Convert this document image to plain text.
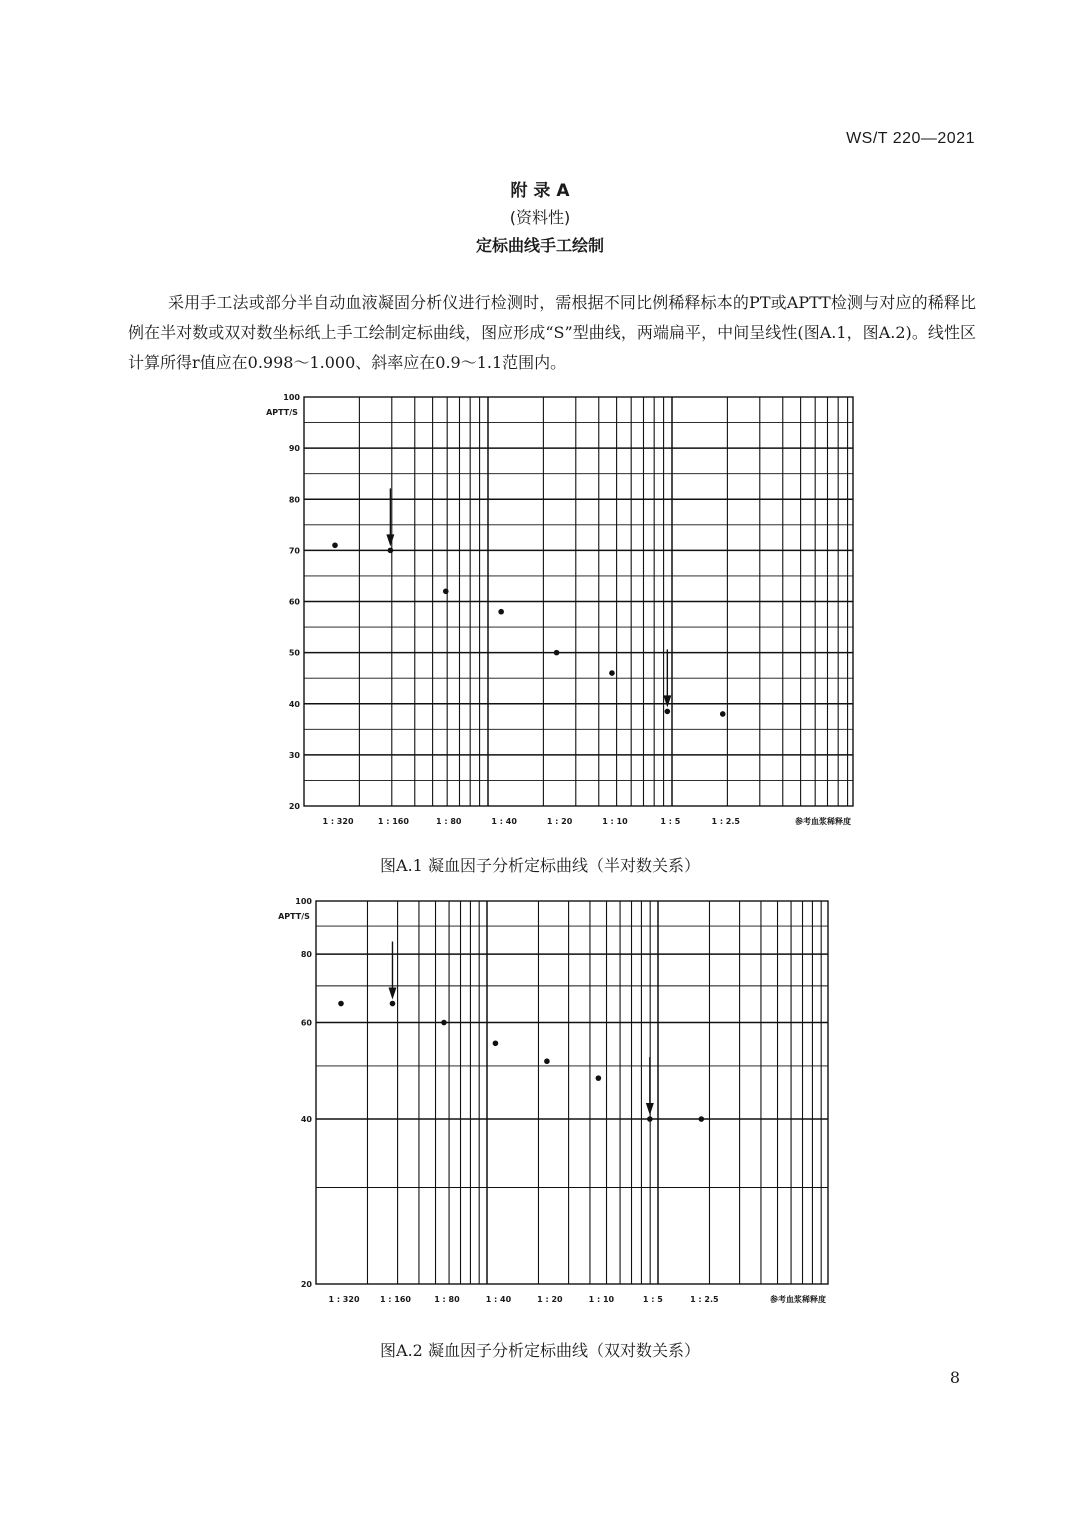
WS/T 220—2021
附 录 A
(资料性)
定标曲线手工绘制
采用手工法或部分半自动血液凝固分析仪进行检测时，需根据不同比例稀释标本的PT或APTT检测与对应的稀释比例在半对数或双对数坐标纸上手工绘制定标曲线，图应形成“S”型曲线，两端扁平，中间呈线性(图A.1，图A.2)。线性区计算所得r值应在0.998～1.000、斜率应在0.9～1.1范围内。
20
30
40
50
60
70
80
90
100
APTT/S
1 : 320	1 : 160	1 : 80	1 : 40	1 : 20	1 : 10	1 : 5	1 : 2.5	参考血浆稀释度
20
40
60
80
100
APTT/S
1 : 320	1 : 160	1 : 80	1 : 40	1 : 20	1 : 10	1 : 5	1 : 2.5	参考血浆稀释度
图A.1 凝血因子分析定标曲线（半对数关系）
图A.2 凝血因子分析定标曲线（双对数关系）
8
